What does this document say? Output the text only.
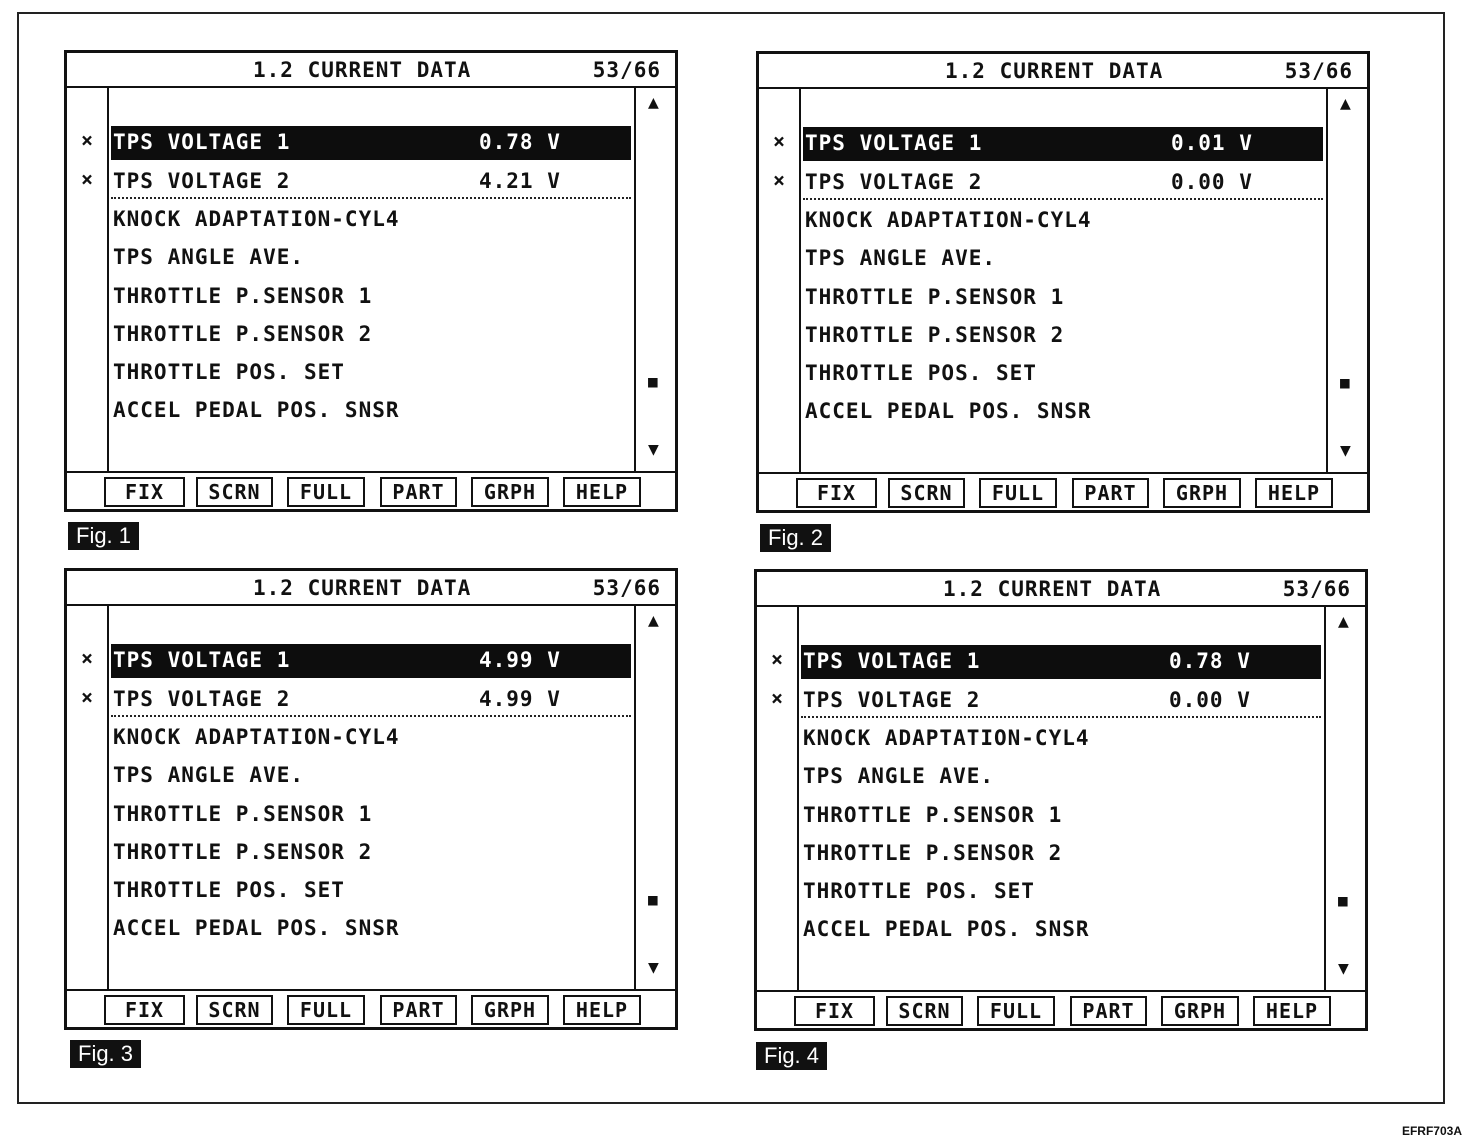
1.2 CURRENT DATA	53/66
×
×
TPS VOLTAGE 1	0.78 V
TPS VOLTAGE 2	4.21 V
KNOCK ADAPTATION-CYL4
TPS ANGLE AVE.
THROTTLE P.SENSOR 1
THROTTLE P.SENSOR 2
THROTTLE POS. SET
ACCEL PEDAL POS. SNSR
▲
■
▼
FIX	SCRN	FULL	PART	GRPH	HELP
Fig. 1
1.2 CURRENT DATA	53/66
×
×
TPS VOLTAGE 1	0.01 V
TPS VOLTAGE 2	0.00 V
KNOCK ADAPTATION-CYL4
TPS ANGLE AVE.
THROTTLE P.SENSOR 1
THROTTLE P.SENSOR 2
THROTTLE POS. SET
ACCEL PEDAL POS. SNSR
▲
■
▼
FIX	SCRN	FULL	PART	GRPH	HELP
Fig. 2
1.2 CURRENT DATA	53/66
×
×
TPS VOLTAGE 1	4.99 V
TPS VOLTAGE 2	4.99 V
KNOCK ADAPTATION-CYL4
TPS ANGLE AVE.
THROTTLE P.SENSOR 1
THROTTLE P.SENSOR 2
THROTTLE POS. SET
ACCEL PEDAL POS. SNSR
▲
■
▼
FIX	SCRN	FULL	PART	GRPH	HELP
Fig. 3
1.2 CURRENT DATA	53/66
×
×
TPS VOLTAGE 1	0.78 V
TPS VOLTAGE 2	0.00 V
KNOCK ADAPTATION-CYL4
TPS ANGLE AVE.
THROTTLE P.SENSOR 1
THROTTLE P.SENSOR 2
THROTTLE POS. SET
ACCEL PEDAL POS. SNSR
▲
■
▼
FIX	SCRN	FULL	PART	GRPH	HELP
Fig. 4
EFRF703A
